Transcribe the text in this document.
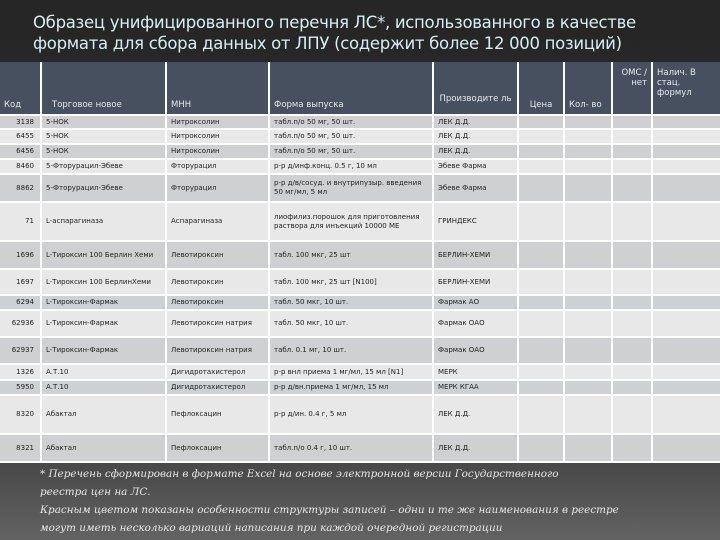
Образец унифицированного перечня ЛС*, использованного в качестве
формата для сбора данных от ЛПУ (содержит более 12 000 позиций)
Код	Торговое новое	МНН	Форма выпуска	Производите ль	Цена	Кол- во	ОМС / нет	Налич. В стац. формул
3138	5-НОК	Нитроксолин	табл.п/о 50 мг, 50 шт.	ЛЕК Д.Д.				
6455	5-НОК	Нитроксолин	табл.п/о 50 мг, 50 шт.	ЛЕК Д.Д.				
6456	5-НОК	Нитроксолин	табл.п/о 50 мг, 50 шт.	ЛЕК Д.Д.				
8460	5-Фторурацил-Эбеве	Фторурацил	р-р д/инф.конц. 0.5 г, 10 мл	Эбеве Фарма				
8862	5-Фторурацил-Эбеве	Фторурацил	р-р д/в/сосуд. и внутрипузыр. введения 50 мг/мл, 5 мл	Эбеве Фарма				
71	L-аспарагиназа	Аспарагиназа	лиофилиз.порошок для приготовления раствора для инъекций 10000 МЕ	ГРИНДЕКС				
1696	L-Тироксин 100 Берлин Хеми	Левотироксин	табл. 100 мкг, 25 шт	БЕРЛИН-ХЕМИ				
1697	L-Тироксин 100 БерлинХеми	Левотироксин	табл. 100 мкг, 25 шт [N100]	БЕРЛИН-ХЕМИ				
6294	L-Тироксин-Фармак	Левотироксин	табл. 50 мкг, 10 шт.	Фармак АО				
62936	L-Тироксин-Фармак	Левотироксин натрия	табл. 50 мкг, 10 шт.	Фармак ОАО				
62937	L-Тироксин-Фармак	Левотироксин натрия	табл. 0.1 мг, 10 шт.	Фармак ОАО				
1326	А.Т.10	Дигидротахистерол	р-р внл приема 1 мг/мл, 15 мл [N1]	МЕРК				
5950	А.Т.10	Дигидротахистерол	р-р д/вн.приема 1 мг/мл, 15 мл	МЕРК КГАА				
8320	Абактал	Пефлоксацин	р-р д/ин. 0.4 г, 5 мл	ЛЕК Д.Д.				
8321	Абактал	Пефлоксацин	табл.п/о 0.4 г, 10 шт.	ЛЕК Д.Д.				
* Перечень сформирован в формате Excel на основе электронной версии Государственного
реестра цен на ЛС.
Красным цветом показаны особенности структуры записей – одни и те же наименования в реестре
могут иметь несколько вариаций написания при каждой очередной регистрации
